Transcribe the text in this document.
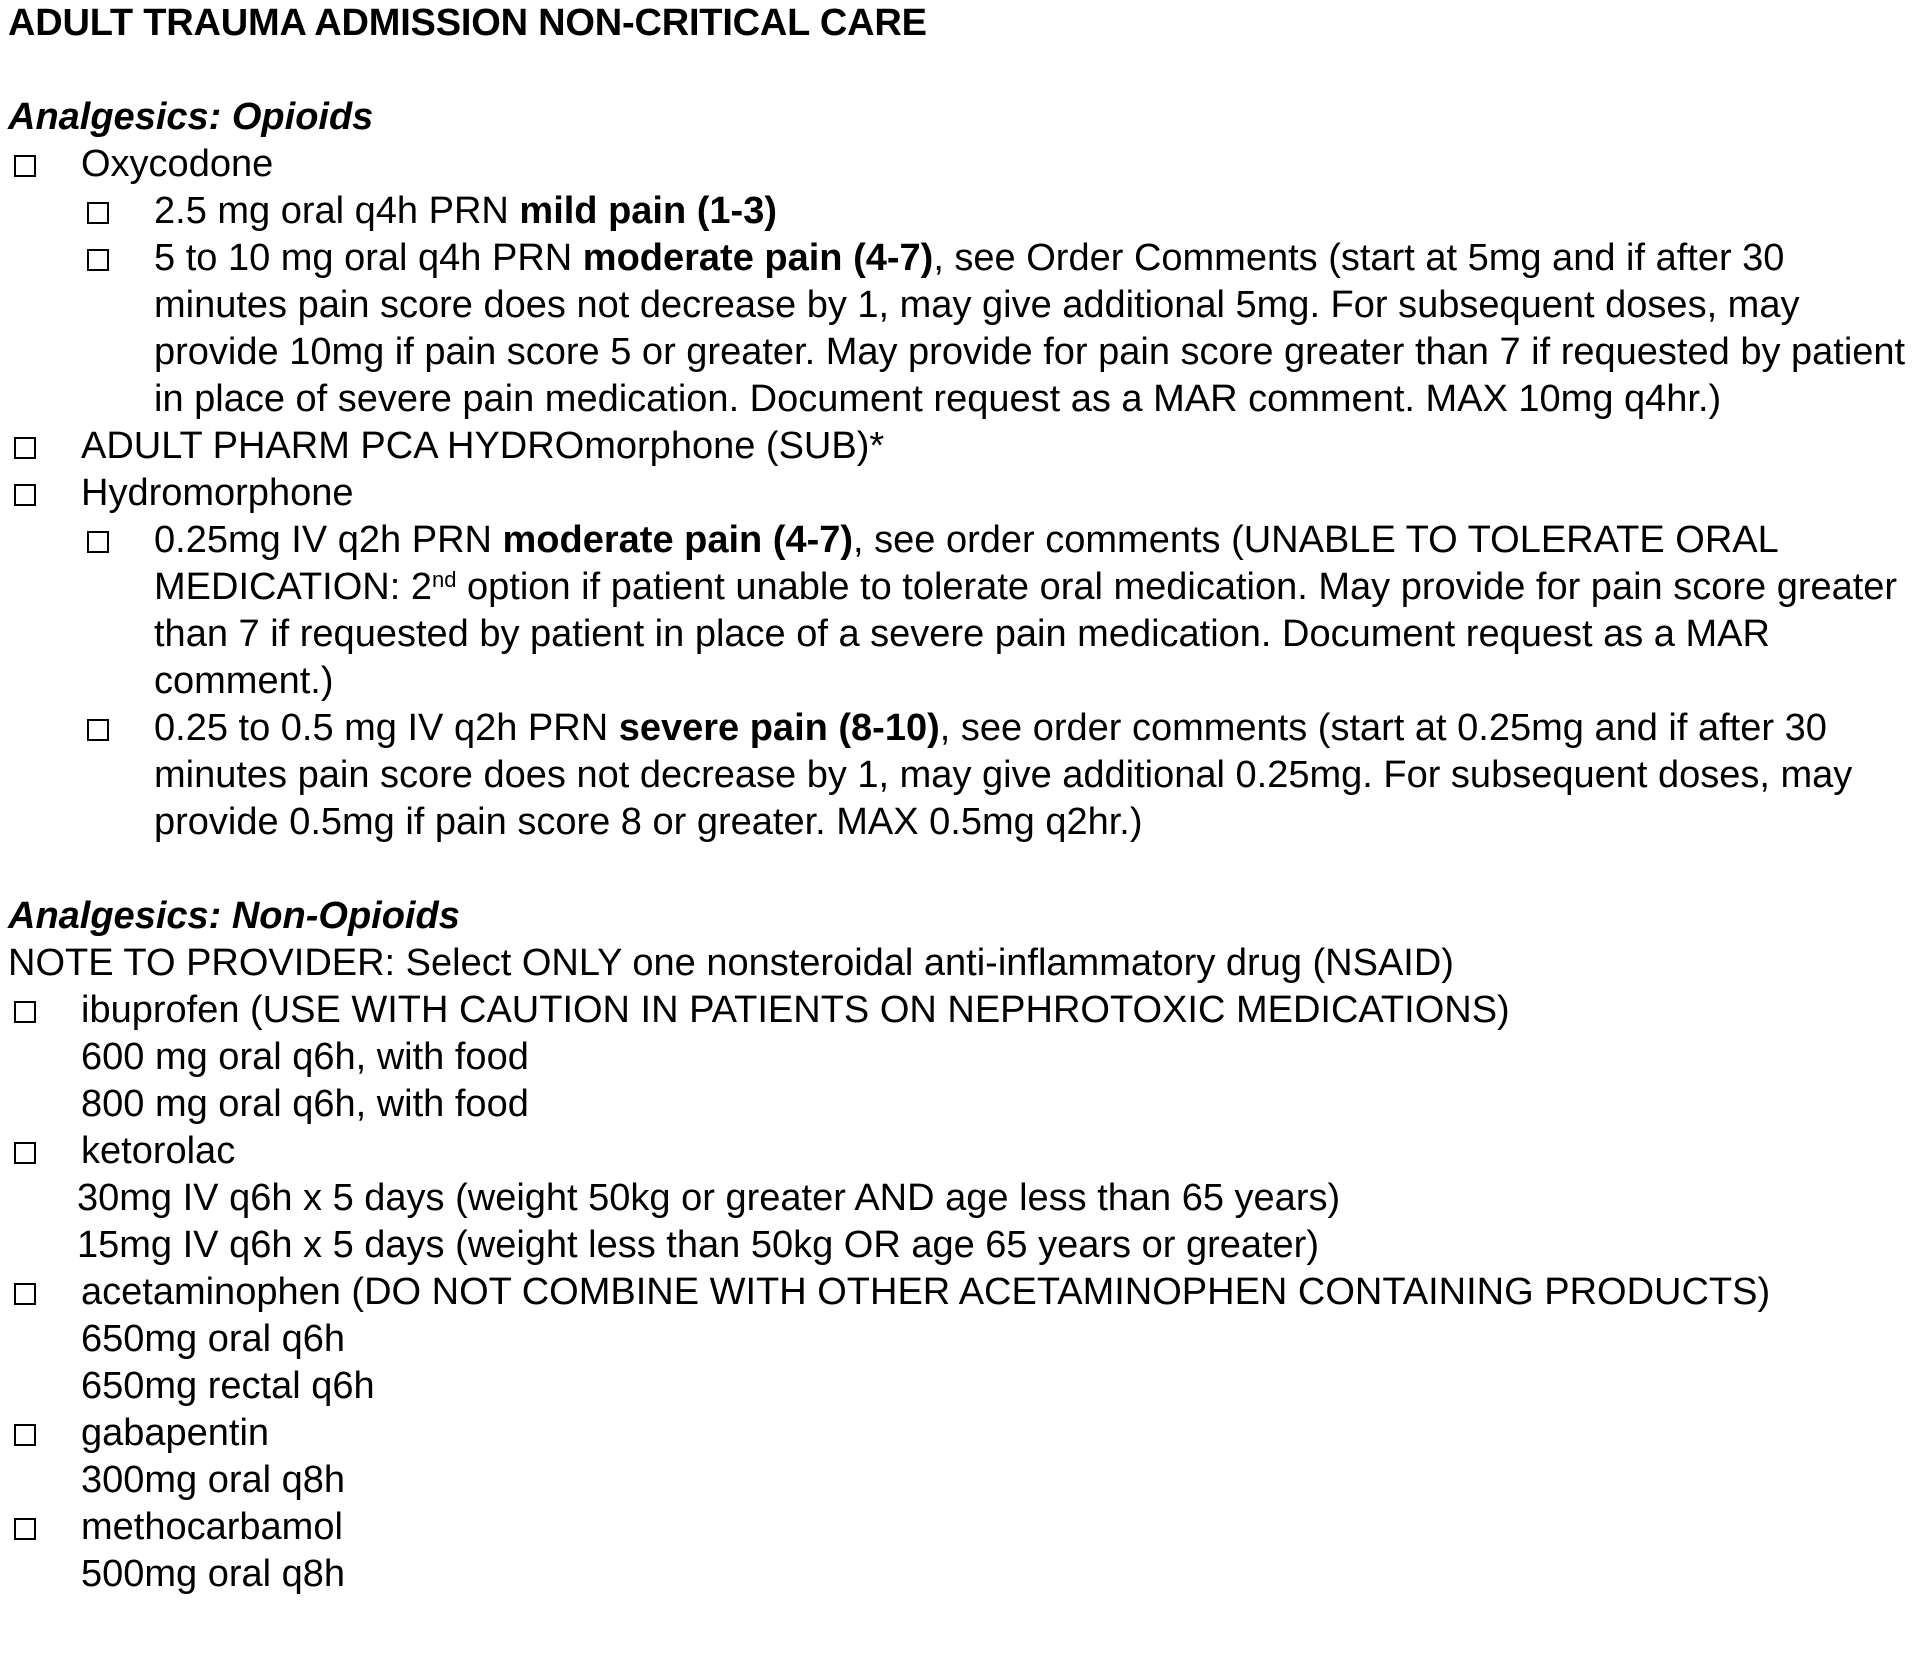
ADULT TRAUMA ADMISSION NON-CRITICAL CARE
Analgesics: Opioids
Oxycodone
2.5 mg oral q4h PRN mild pain (1-3)
5 to 10 mg oral q4h PRN moderate pain (4-7), see Order Comments (start at 5mg and if after 30 minutes pain score does not decrease by 1, may give additional 5mg. For subsequent doses, may provide 10mg if pain score 5 or greater. May provide for pain score greater than 7 if requested by patient in place of severe pain medication. Document request as a MAR comment. MAX 10mg q4hr.)
ADULT PHARM PCA HYDROmorphone (SUB)*
Hydromorphone
0.25mg IV q2h PRN moderate pain (4-7), see order comments (UNABLE TO TOLERATE ORAL MEDICATION: 2nd option if patient unable to tolerate oral medication. May provide for pain score greater than 7 if requested by patient in place of a severe pain medication. Document request as a MAR comment.)
0.25 to 0.5 mg IV q2h PRN severe pain (8-10), see order comments (start at 0.25mg and if after 30 minutes pain score does not decrease by 1, may give additional 0.25mg. For subsequent doses, may provide 0.5mg if pain score 8 or greater. MAX 0.5mg q2hr.)
Analgesics: Non-Opioids
NOTE TO PROVIDER: Select ONLY one nonsteroidal anti-inflammatory drug (NSAID)
ibuprofen (USE WITH CAUTION IN PATIENTS ON NEPHROTOXIC MEDICATIONS)
600 mg oral q6h, with food
800 mg oral q6h, with food
ketorolac
30mg IV q6h x 5 days (weight 50kg or greater AND age less than 65 years)
15mg IV q6h x 5 days (weight less than 50kg OR age 65 years or greater)
acetaminophen (DO NOT COMBINE WITH OTHER ACETAMINOPHEN CONTAINING PRODUCTS)
650mg oral q6h
650mg rectal q6h
gabapentin
300mg oral q8h
methocarbamol
500mg oral q8h
